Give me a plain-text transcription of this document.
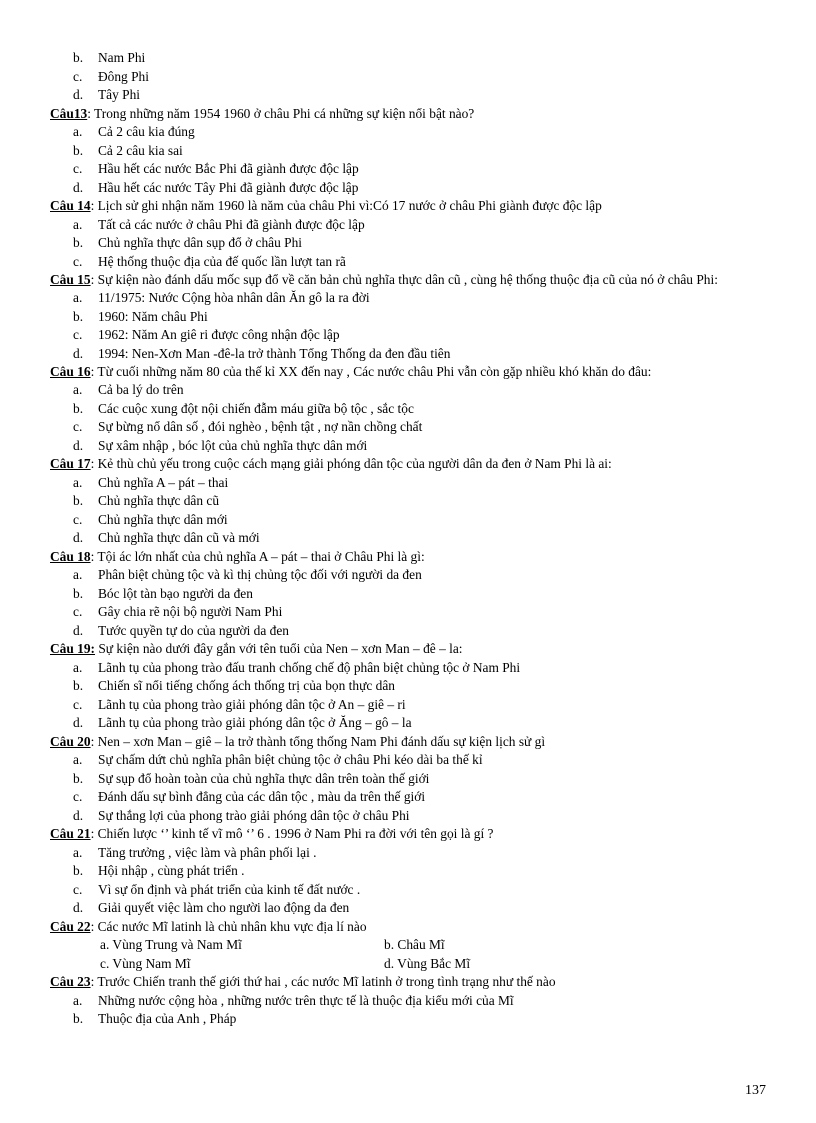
b. Nam Phi
c. Đông Phi
d. Tây Phi
Câu13: Trong những năm 1954 1960 ở châu Phi cá những sự kiện nổi bật nào?
a. Cả 2 câu kia đúng
b. Cả 2 câu kia sai
c. Hầu hết các nước Bắc Phi đã giành được độc lập
d. Hầu hết các nước Tây Phi đã giành được độc lập
Câu 14: Lịch sử ghi nhận năm 1960 là năm của châu Phi vì:Có 17 nước ở châu Phi giành được độc lập
a. Tất cả các nước ở châu Phi đã giành được độc lập
b. Chủ nghĩa thực dân sụp đổ ở châu Phi
c. Hệ thống thuộc địa của đế quốc lần lượt tan rã
Câu 15: Sự kiện nào đánh dấu mốc sụp đổ về căn bản chủ nghĩa thực dân cũ , cùng hệ thống thuộc địa cũ của nó ở châu Phi:
a. 11/1975: Nước Cộng hòa nhân dân Ăn gô la ra đời
b. 1960: Năm châu Phi
c. 1962: Năm An giê ri được công nhận độc lập
d. 1994: Nen-Xơn Man -đê-la trở thành Tổng Thống da đen đầu tiên
Câu 16: Từ cuối những năm 80 của thế kỉ XX đến nay , Các nước châu Phi vẫn còn gặp nhiều khó khăn do đâu:
a. Cả ba lý do trên
b. Các cuộc xung đột nội chiến đẫm máu giữa bộ tộc , sắc tộc
c. Sự bừng nổ dân số , đói nghèo , bệnh tật , nợ nần chồng chất
d. Sự xâm nhập , bóc lột của chủ nghĩa thực dân mới
Câu 17: Kẻ thù chủ yếu trong cuộc cách mạng giải phóng dân tộc của người dân da đen ở Nam Phi là ai:
a. Chủ nghĩa A – pát – thai
b. Chủ nghĩa thực dân cũ
c. Chủ nghĩa thực dân mới
d. Chủ nghĩa thực dân cũ và mới
Câu 18: Tội ác lớn nhất của chủ nghĩa A – pát – thai ở Châu Phi là gì:
a. Phân biệt chủng tộc và kì thị chủng tộc đối với người da đen
b. Bóc lột tàn bạo người da đen
c. Gây chia rẽ nội bộ người Nam Phi
d. Tước quyền tự do của người da đen
Câu 19: Sự kiện nào dưới đây gắn với tên tuổi của Nen – xơn Man – đê – la:
a. Lãnh tụ của phong trào đấu tranh chống chế độ phân biệt chủng tộc ở Nam Phi
b. Chiến sĩ nổi tiếng chống ách thống trị của bọn thực dân
c. Lãnh tụ của phong trào giải phóng dân tộc ở An – giê – ri
d. Lãnh tụ của phong trào giải phóng dân tộc ở Ăng – gô – la
Câu 20: Nen – xơn Man – giê – la trở thành tổng thống Nam Phi đánh dấu sự kiện lịch sử gì
a. Sự chấm dứt chủ nghĩa phân biệt chủng tộc ở châu Phi kéo dài ba thế kỉ
b. Sự sụp đổ hoàn toàn của chủ nghĩa thực dân trên toàn thế giới
c. Đánh dấu sự bình đẳng của các dân tộc , màu da trên thế giới
d. Sự thắng lợi của phong trào giải phóng dân tộc ở châu Phi
Câu 21: Chiến lược ‘’ kinh tế vĩ mô ‘’ 6 . 1996 ở Nam Phi ra đời với tên gọi là gí ?
a. Tăng trưởng , việc làm và phân phối lại .
b. Hội nhập , cùng phát triển .
c. Vì sự ổn định và phát triển của kinh tế đất nước .
d. Giải quyết việc làm cho người lao động da đen
Câu 22: Các nước Mĩ latinh là chủ nhân khu vực địa lí nào
a. Vùng Trung và Nam Mĩ	b. Châu Mĩ
c. Vùng Nam Mĩ	d. Vùng Bắc Mĩ
Câu 23: Trước Chiến tranh thế giới thứ hai , các nước Mĩ latinh ở trong tình trạng như thế nào
a. Những nước cộng hòa , những nước trên thực tế là thuộc địa kiểu mới của Mĩ
b. Thuộc địa của Anh , Pháp
137
